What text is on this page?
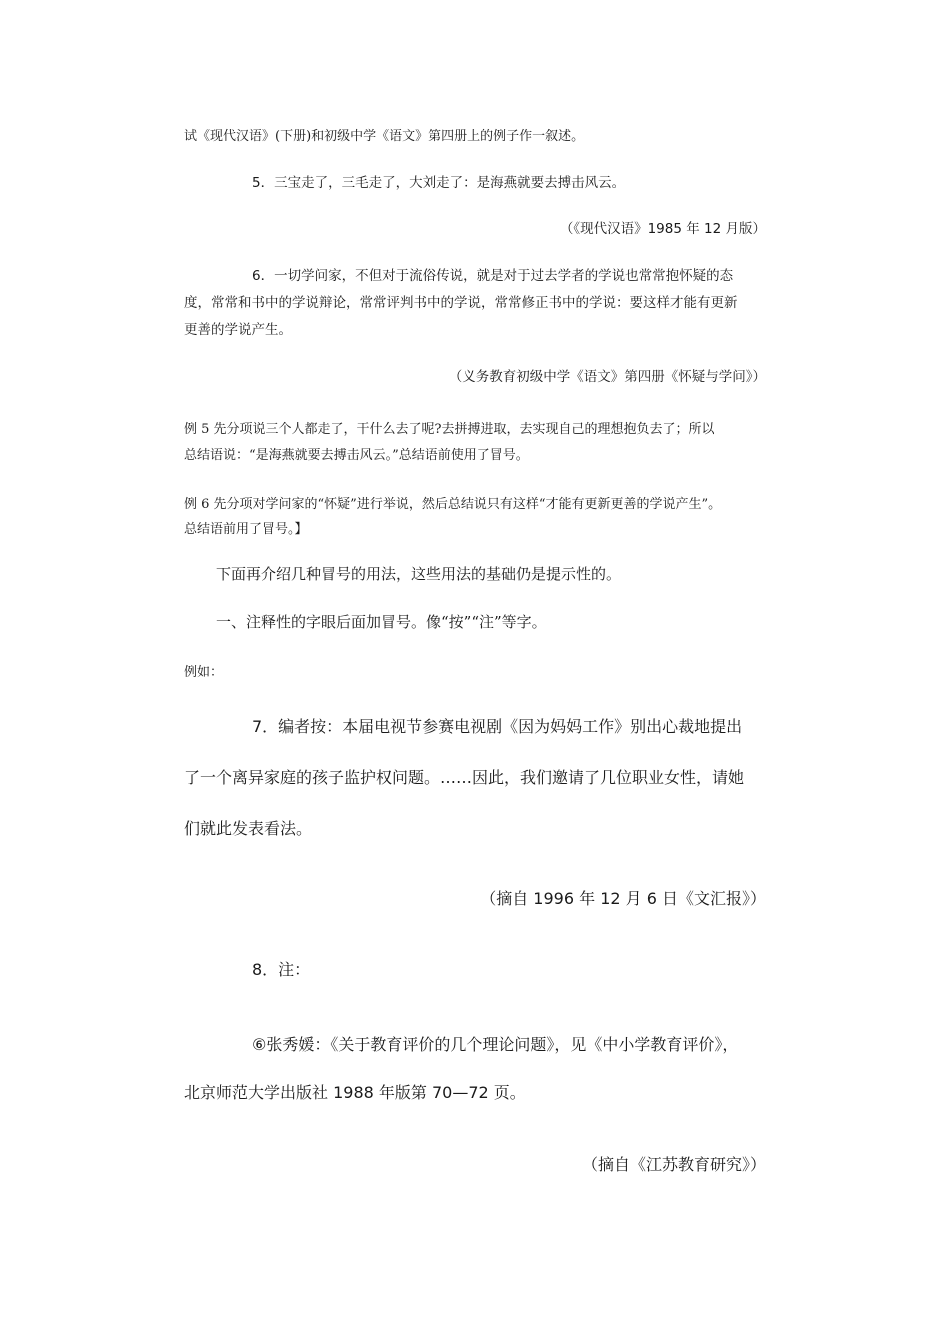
试《现代汉语》(下册)和初级中学《语文》第四册上的例子作一叙述。

5．三宝走了，三毛走了，大刘走了：是海燕就要去搏击风云。

（《现代汉语》1985 年 12 月版）

6．一切学问家，不但对于流俗传说，就是对于过去学者的学说也常常抱怀疑的态

度，常常和书中的学说辩论，常常评判书中的学说，常常修正书中的学说：要这样才能有更新

更善的学说产生。

（义务教育初级中学《语文》第四册《怀疑与学问》）

例 5 先分项说三个人都走了，干什么去了呢?去拼搏进取，去实现自己的理想抱负去了；所以

总结语说：“是海燕就要去搏击风云。”总结语前使用了冒号。

例 6 先分项对学问家的“怀疑”进行举说，然后总结说只有这样“才能有更新更善的学说产生”。

总结语前用了冒号。】

下面再介绍几种冒号的用法，这些用法的基础仍是提示性的。

一、注释性的字眼后面加冒号。像“按”“注”等字。

例如：

7．编者按：本届电视节参赛电视剧《因为妈妈工作》别出心裁地提出

了一个离异家庭的孩子监护权问题。……因此，我们邀请了几位职业女性，请她

们就此发表看法。

（摘自 1996 年 12 月 6 日《文汇报》）

8．注：

⑥张秀媛：《关于教育评价的几个理论问题》，见《中小学教育评价》，

北京师范大学出版社 1988 年版第 70—72 页。

（摘自《江苏教育研究》）
